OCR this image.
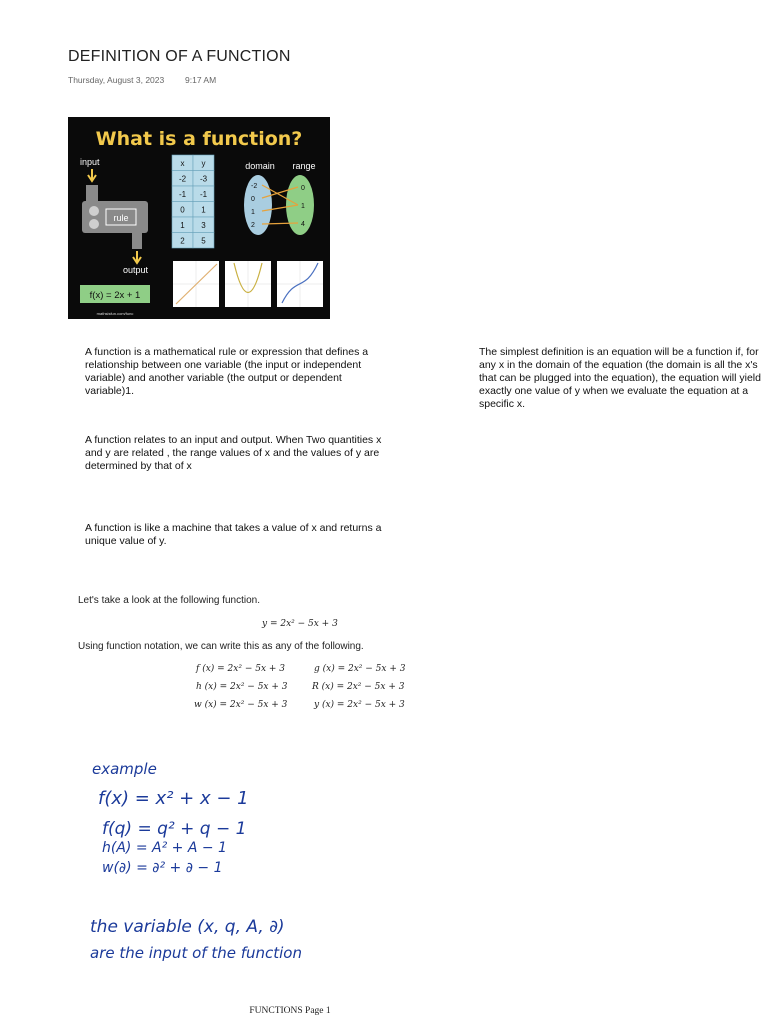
DEFINITION OF A FUNCTION
Thursday, August 3, 2023 9:17 AM
What is a function?
input
rule
output
f(x) = 2x + 1
mathsisfun.com/func
x y
-2 -3
-1 -1
0 1
1 3
2 5
domain range
-2
0
1
2
0
1
4
A function is a mathematical rule or expression that defines a relationship between one variable (the input or independent variable) and another variable (the output or dependent variable)1.
A function relates to an input and output. When Two quantities x and y are related , the range values of x and the values of y are determined by that of x
A function is like a machine that takes a value of x and returns a unique value of y.
The simplest definition is an equation will be a function if, for any x in the domain of the equation (the domain is all the x's that can be plugged into the equation), the equation will yield exactly one value of y when we evaluate the equation at a specific x.
Let's take a look at the following function.
y = 2x² − 5x + 3
Using function notation, we can write this as any of the following.
f (x) = 2x² − 5x + 3	g (x) = 2x² − 5x + 3
h (x) = 2x² − 5x + 3	R (x) = 2x² − 5x + 3
w (x) = 2x² − 5x + 3	y (x) = 2x² − 5x + 3
example
f(x) = x² + x − 1
f(q) = q² + q − 1
h(A) = A² + A − 1
w(∂) = ∂² + ∂ − 1
the variable (x, q, A, ∂)
are the input of the function
FUNCTIONS Page 1
